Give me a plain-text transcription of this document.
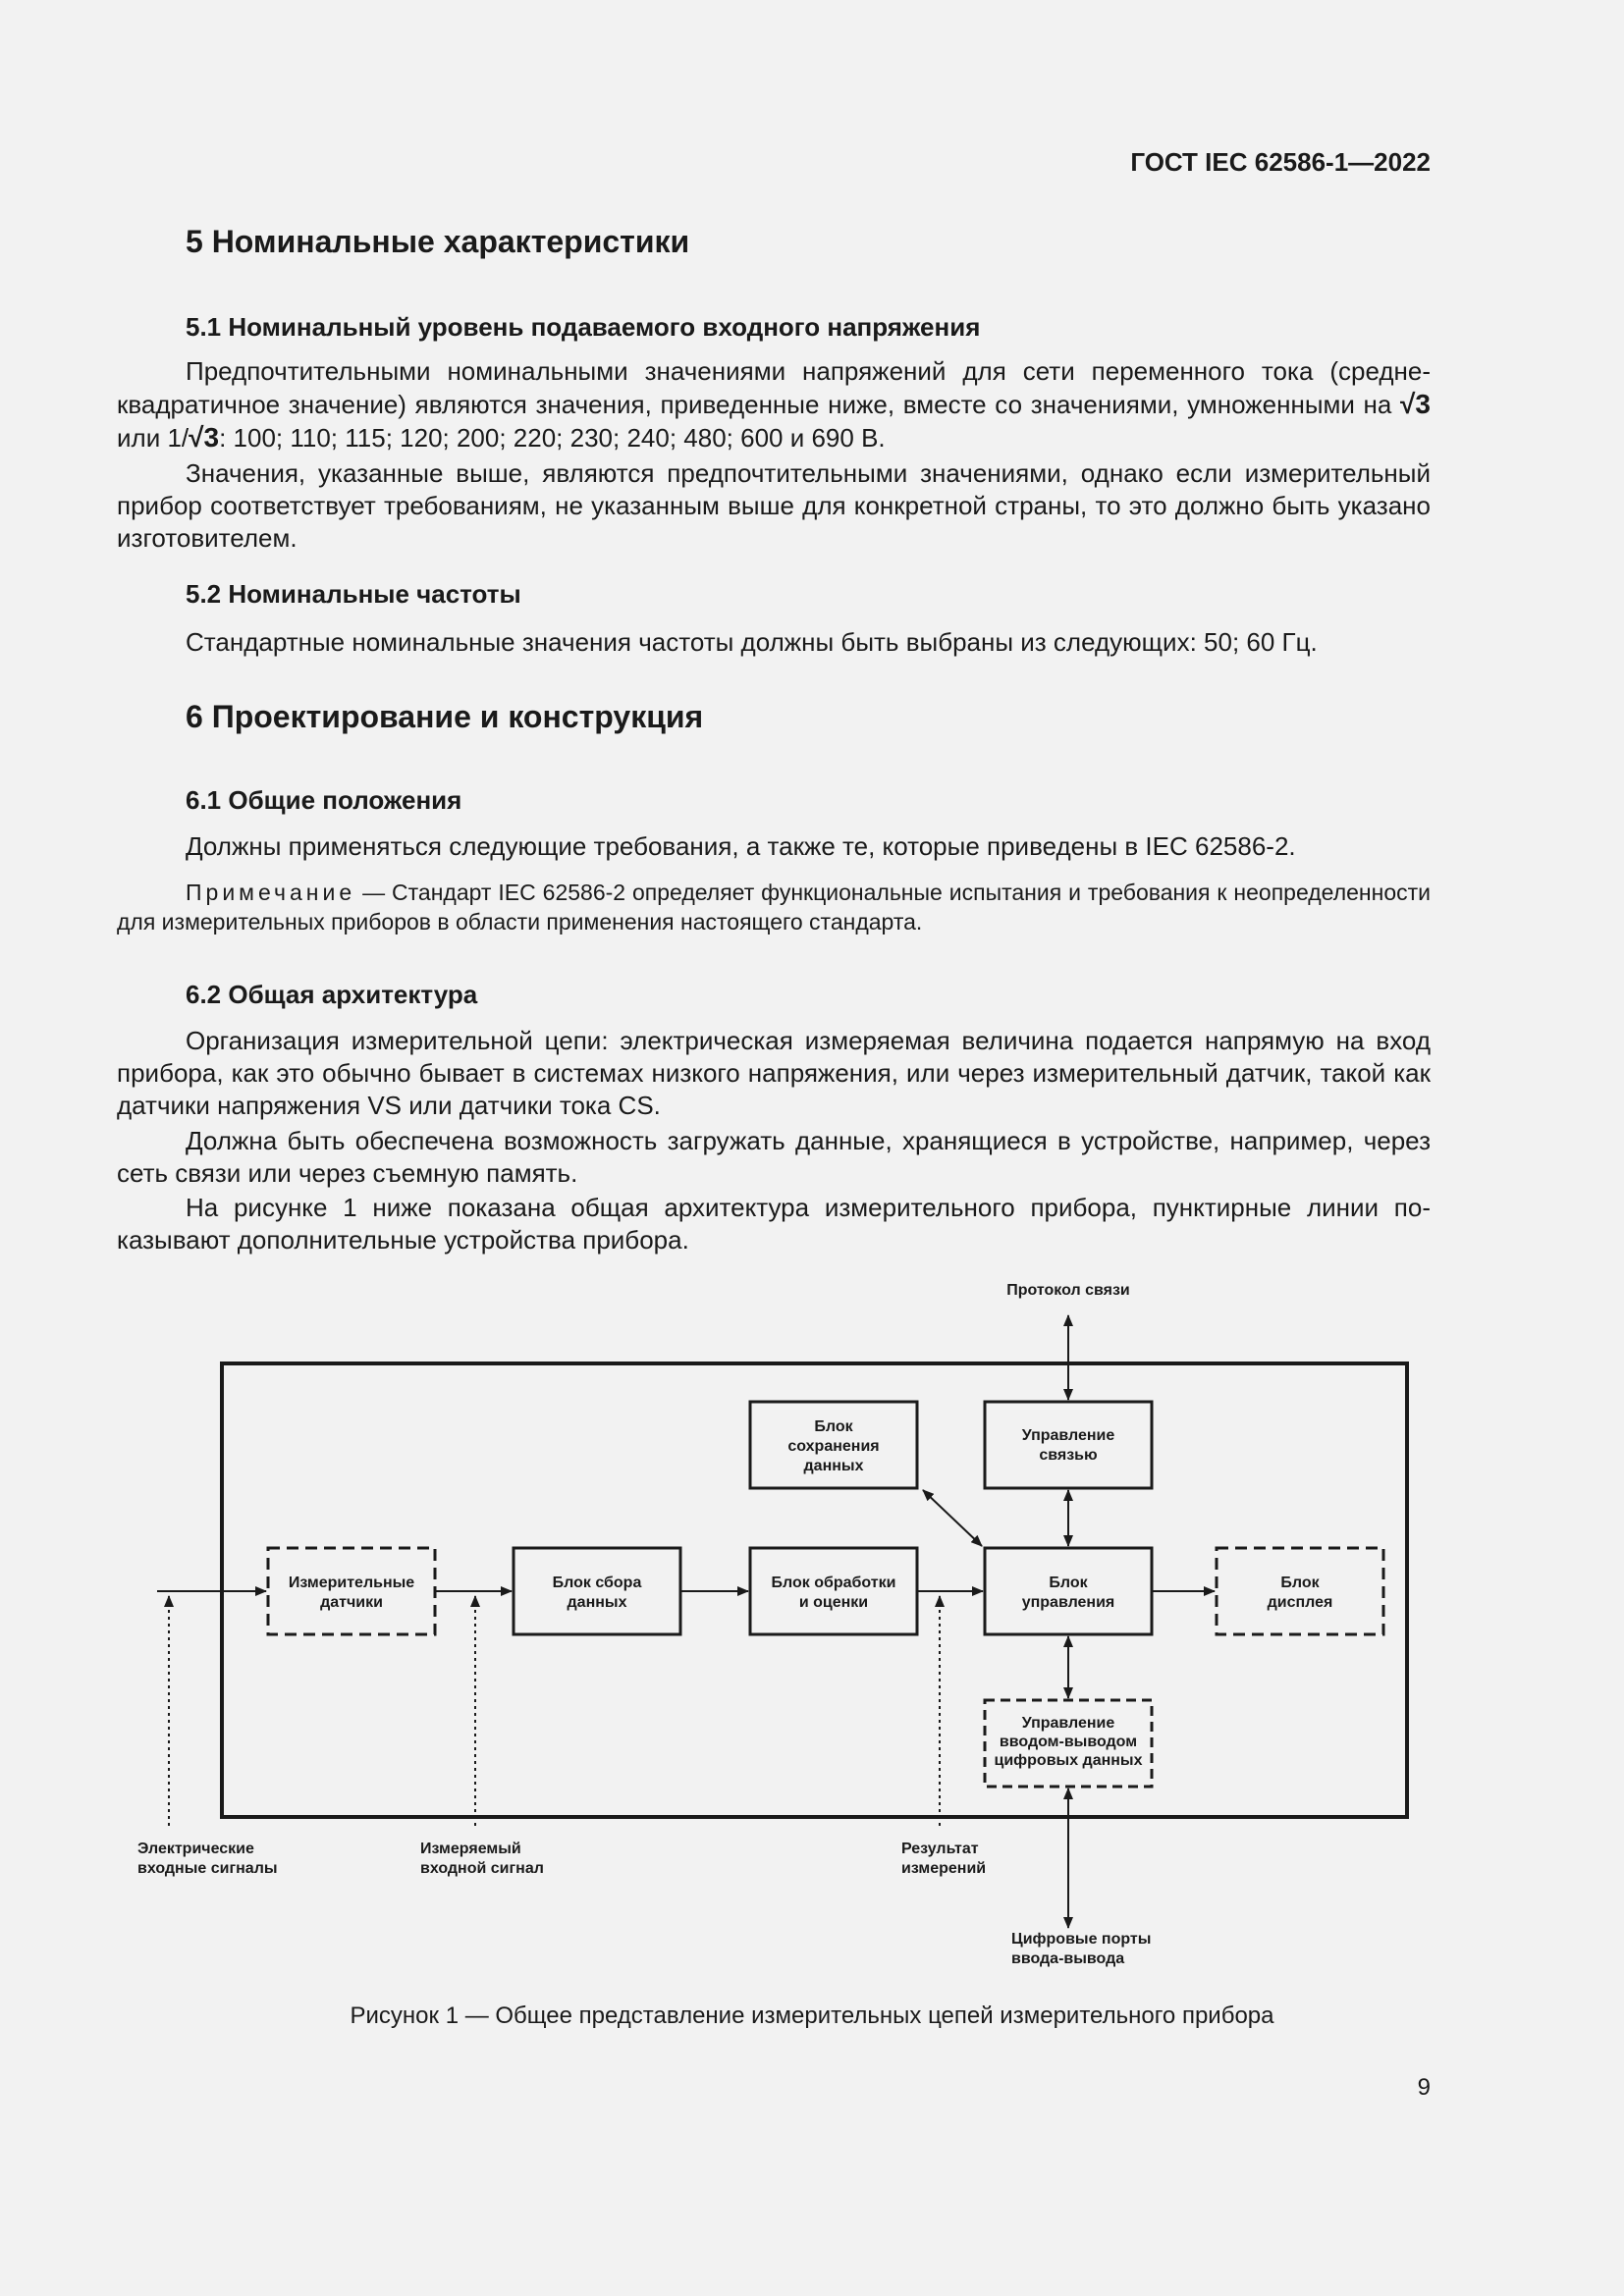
ГОСТ IEC 62586-1—2022
5 Номинальные характеристики
5.1 Номинальный уровень подаваемого входного напряжения
Предпочтительными номинальными значениями напряжений для сети переменного тока (среднеквадратичное значение) являются значения, приведенные ниже, вместе со значениями, умноженными на √3 или 1/√3: 100; 110; 115; 120; 200; 220; 230; 240; 480; 600 и 690 В.
Значения, указанные выше, являются предпочтительными значениями, однако если измерительный прибор соответствует требованиям, не указанным выше для конкретной страны, то это должно быть указано изготовителем.
5.2 Номинальные частоты
Стандартные номинальные значения частоты должны быть выбраны из следующих: 50; 60 Гц.
6 Проектирование и конструкция
6.1 Общие положения
Должны применяться следующие требования, а также те, которые приведены в IEC 62586-2.
Примечание — Стандарт IEC 62586-2 определяет функциональные испытания и требования к неопределенности для измерительных приборов в области применения настоящего стандарта.
6.2 Общая архитектура
Организация измерительной цепи: электрическая измеряемая величина подается напрямую на вход прибора, как это обычно бывает в системах низкого напряжения, или через измерительный датчик, такой как датчики напряжения VS или датчики тока CS.
Должна быть обеспечена возможность загружать данные, хранящиеся в устройстве, например, через сеть связи или через съемную память.
На рисунке 1 ниже показана общая архитектура измерительного прибора, пунктирные линии показывают дополнительные устройства прибора.
Блок сохранения данных
Управление связью
Измерительные датчики
Блок сбора данных
Блок обработки и оценки
Блок управления
Блок дисплея
Управление вводом-выводом цифровых данных
Протокол связи
Электрические входные сигналы
Измеряемый входной сигнал
Результат измерений
Цифровые порты ввода-вывода
Рисунок 1 — Общее представление измерительных цепей измерительного прибора
9
